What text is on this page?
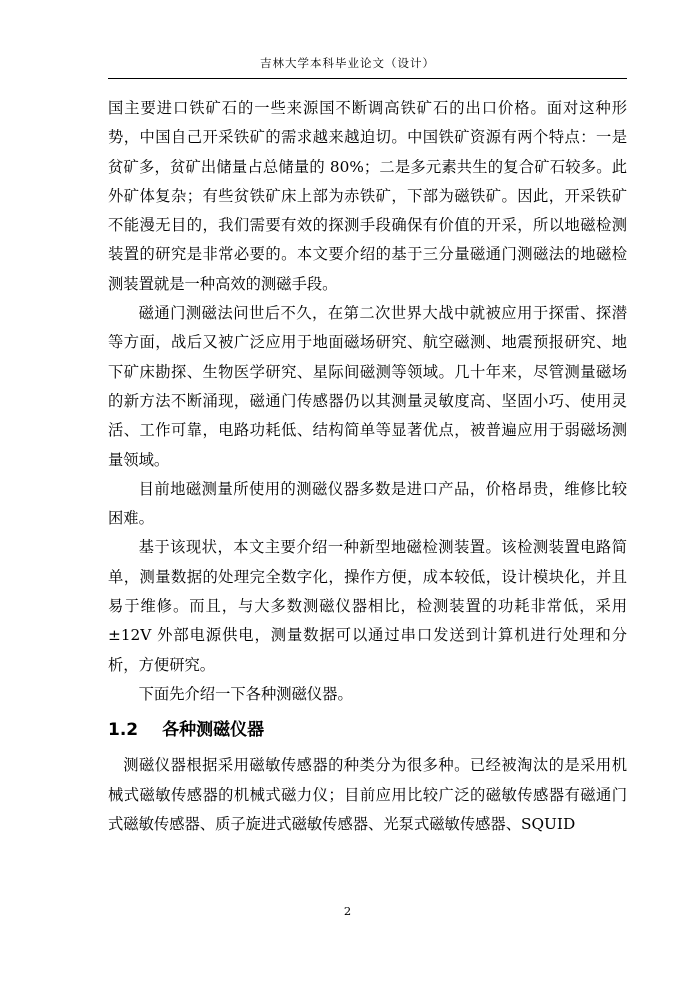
吉林大学本科毕业论文（设计）

国主要进口铁矿石的一些来源国不断调高铁矿石的出口价格。面对这种形势，中国自己开采铁矿的需求越来越迫切。中国铁矿资源有两个特点：一是贫矿多，贫矿出储量占总储量的 80%；二是多元素共生的复合矿石较多。此外矿体复杂；有些贫铁矿床上部为赤铁矿，下部为磁铁矿。因此，开采铁矿不能漫无目的，我们需要有效的探测手段确保有价值的开采，所以地磁检测装置的研究是非常必要的。本文要介绍的基于三分量磁通门测磁法的地磁检测装置就是一种高效的测磁手段。

磁通门测磁法问世后不久，在第二次世界大战中就被应用于探雷、探潜等方面，战后又被广泛应用于地面磁场研究、航空磁测、地震预报研究、地下矿床勘探、生物医学研究、星际间磁测等领域。几十年来，尽管测量磁场的新方法不断涌现，磁通门传感器仍以其测量灵敏度高、坚固小巧、使用灵活、工作可靠，电路功耗低、结构简单等显著优点，被普遍应用于弱磁场测量领域。

目前地磁测量所使用的测磁仪器多数是进口产品，价格昂贵，维修比较困难。

基于该现状，本文主要介绍一种新型地磁检测装置。该检测装置电路简单，测量数据的处理完全数字化，操作方便，成本较低，设计模块化，并且易于维修。而且，与大多数测磁仪器相比，检测装置的功耗非常低，采用±12V 外部电源供电，测量数据可以通过串口发送到计算机进行处理和分析，方便研究。

下面先介绍一下各种测磁仪器。

1.2 各种测磁仪器

测磁仪器根据采用磁敏传感器的种类分为很多种。已经被淘汰的是采用机械式磁敏传感器的机械式磁力仪；目前应用比较广泛的磁敏传感器有磁通门式磁敏传感器、质子旋进式磁敏传感器、光泵式磁敏传感器、SQUID

2
